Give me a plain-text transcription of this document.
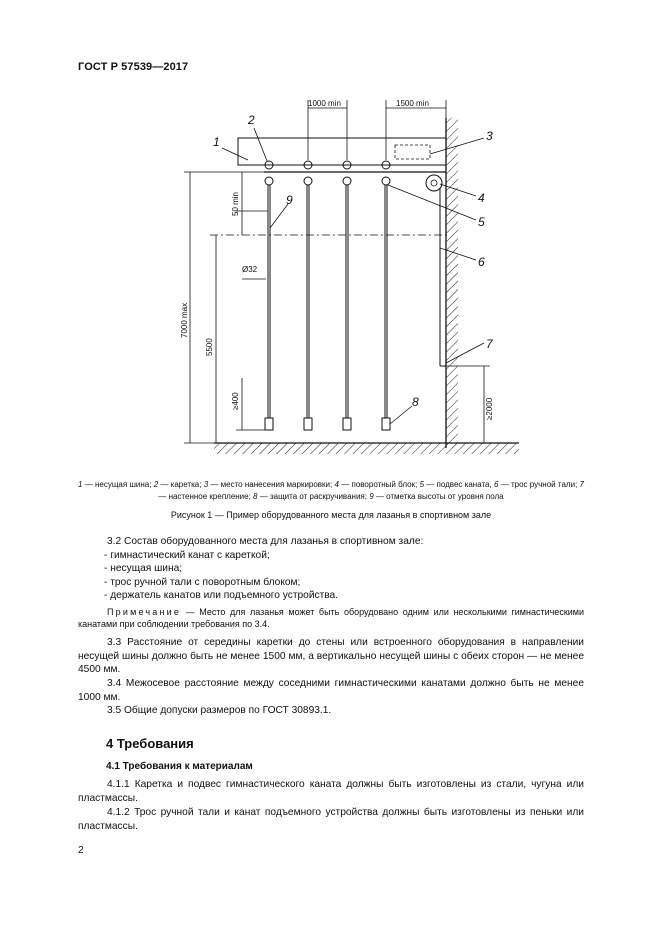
ГОСТ Р 57539—2017
1000 min	1500 min
7000 max
5500
50 min
Ø32
≥400	≥2000
1
2
3
4
5
6
7
8
9
1 — несущая шина; 2 — каретка; 3 — место нанесения маркировки; 4 — поворотный блок; 5 — подвес каната, 6 — трос ручной тали; 7 — настенное крепление; 8 — защита от раскручивания; 9 — отметка высоты от уровня пола
Рисунок 1 — Пример оборудованного места для лазанья в спортивном зале
3.2 Состав оборудованного места для лазанья в спортивном зале:
- гимнастический канат с кареткой;
- несущая шина;
- трос ручной тали с поворотным блоком;
- держатель канатов или подъемного устройства.
Примечание — Место для лазанья может быть оборудовано одним или несколькими гимнастическими канатами при соблюдении требования по 3.4.
3.3 Расстояние от середины каретки до стены или встроенного оборудования в направлении несущей шины должно быть не менее 1500 мм, а вертикально несущей шины с обеих сторон — не менее 4500 мм.
3.4 Межосевое расстояние между соседними гимнастическими канатами должно быть не менее 1000 мм.
3.5 Общие допуски размеров по ГОСТ 30893.1.
4 Требования
4.1 Требования к материалам
4.1.1 Каретка и подвес гимнастического каната должны быть изготовлены из стали, чугуна или пластмассы.
4.1.2 Трос ручной тали и канат подъемного устройства должны быть изготовлены из пеньки или пластмассы.
2
